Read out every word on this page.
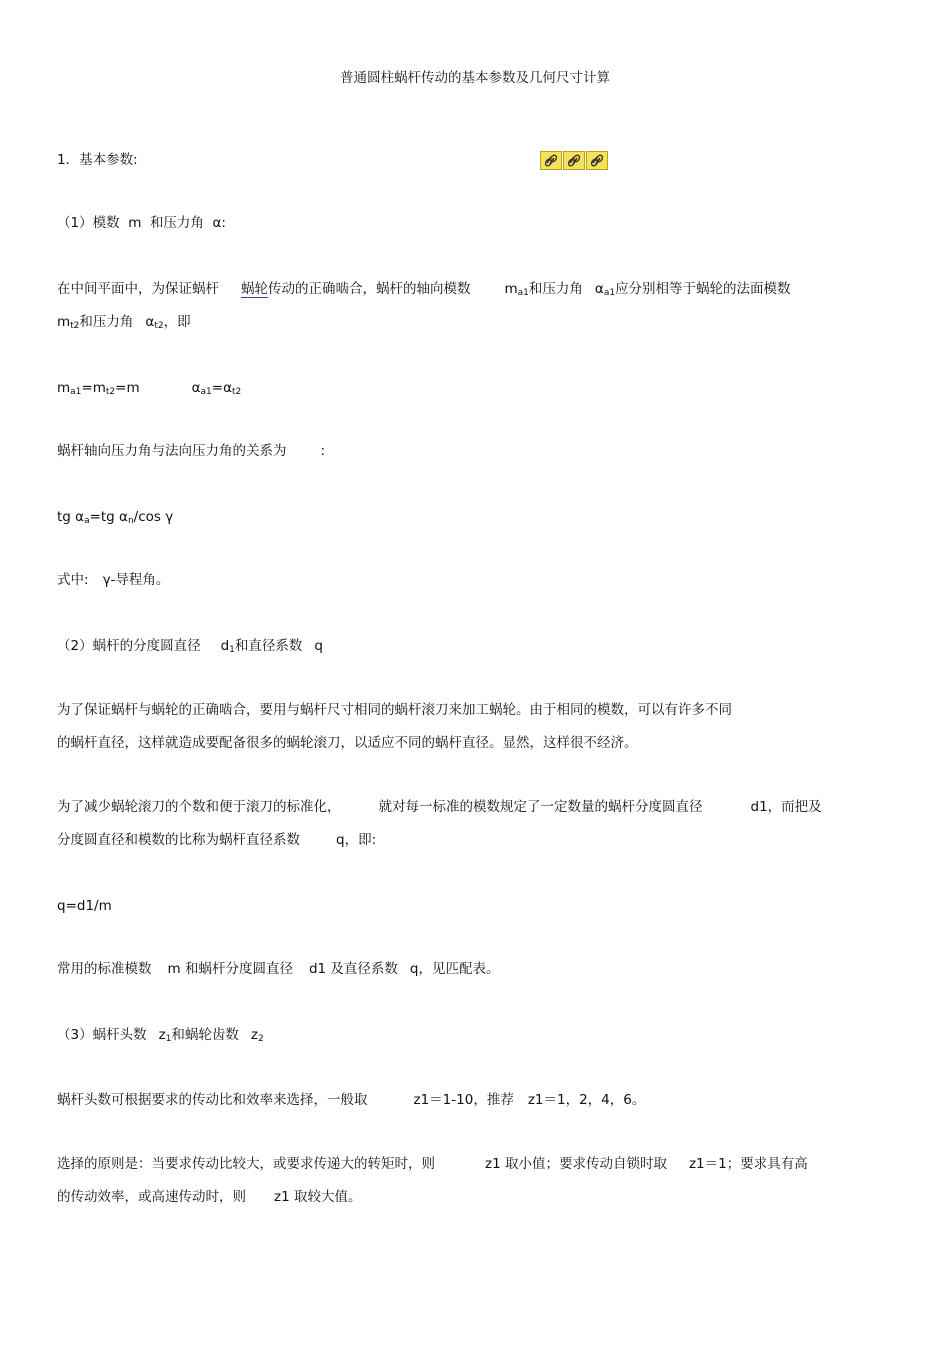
普通圆柱蜗杆传动的基本参数及几何尺寸计算
1．基本参数:
（1）模数 m 和压力角 α:
在中间平面中，为保证蜗杆 蜗轮传动的正确啮合，蜗杆的轴向模数	$m_{a1}$和压力角 $\alpha_{a1}$应分别相等于蜗轮的法面模数
$m_{t2}$和压力角 $\alpha_{t2}$，即
$m_{a1}=m_{t2}=m$	$\alpha_{a1}=\alpha_{t2}$
蜗杆轴向压力角与法向压力角的关系为	:
tg $\alpha_a=tg$ $\alpha_n/\cos$ γ
式中: γ-导程角。
（2）蜗杆的分度圆直径 $d_1$和直径系数 q
为了保证蜗杆与蜗轮的正确啮合，要用与蜗杆尺寸相同的蜗杆滚刀来加工蜗轮。由于相同的模数，可以有许多不同
的蜗杆直径，这样就造成要配备很多的蜗轮滚刀，以适应不同的蜗杆直径。显然，这样很不经济。
为了减少蜗轮滚刀的个数和便于滚刀的标准化，	就对每一标准的模数规定了一定数量的蜗杆分度圆直径	d1，而把及
分度圆直径和模数的比称为蜗杆直径系数	q，即:
q=d1/m
常用的标准模数 m 和蜗杆分度圆直径 d1 及直径系数 q，见匹配表。
（3）蜗杆头数 $z_1$和蜗轮齿数 $z_2$
蜗杆头数可根据要求的传动比和效率来选择，一般取	z1＝1-10，推荐 z1＝1，2，4，6。
选择的原则是：当要求传动比较大，或要求传递大的转矩时，则	z1 取小值；要求传动自锁时取 z1＝1；要求具有高
的传动效率，或高速传动时，则 z1 取较大值。
